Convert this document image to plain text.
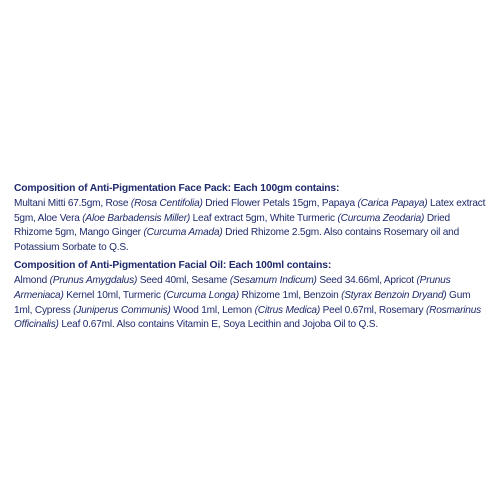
Composition of Anti-Pigmentation Face Pack: Each 100gm contains:

Multani Mitti 67.5gm, Rose (Rosa Centifolia) Dried Flower Petals 15gm, Papaya (Carica Papaya) Latex extract 5gm, Aloe Vera (Aloe Barbadensis Miller) Leaf extract 5gm, White Turmeric (Curcuma Zeodaria) Dried Rhizome 5gm, Mango Ginger (Curcuma Amada) Dried Rhizome 2.5gm. Also contains Rosemary oil and Potassium Sorbate to Q.S.

Composition of Anti-Pigmentation Facial Oil: Each 100ml contains:

Almond (Prunus Amygdalus) Seed 40ml, Sesame (Sesamum Indicum) Seed 34.66ml, Apricot (Prunus Armeniaca) Kernel 10ml, Turmeric (Curcuma Longa) Rhizome 1ml, Benzoin (Styrax Benzoin Dryand) Gum 1ml, Cypress (Juniperus Communis) Wood 1ml, Lemon (Citrus Medica) Peel 0.67ml, Rosemary (Rosmarinus Officinalis) Leaf 0.67ml. Also contains Vitamin E, Soya Lecithin and Jojoba Oil to Q.S.
